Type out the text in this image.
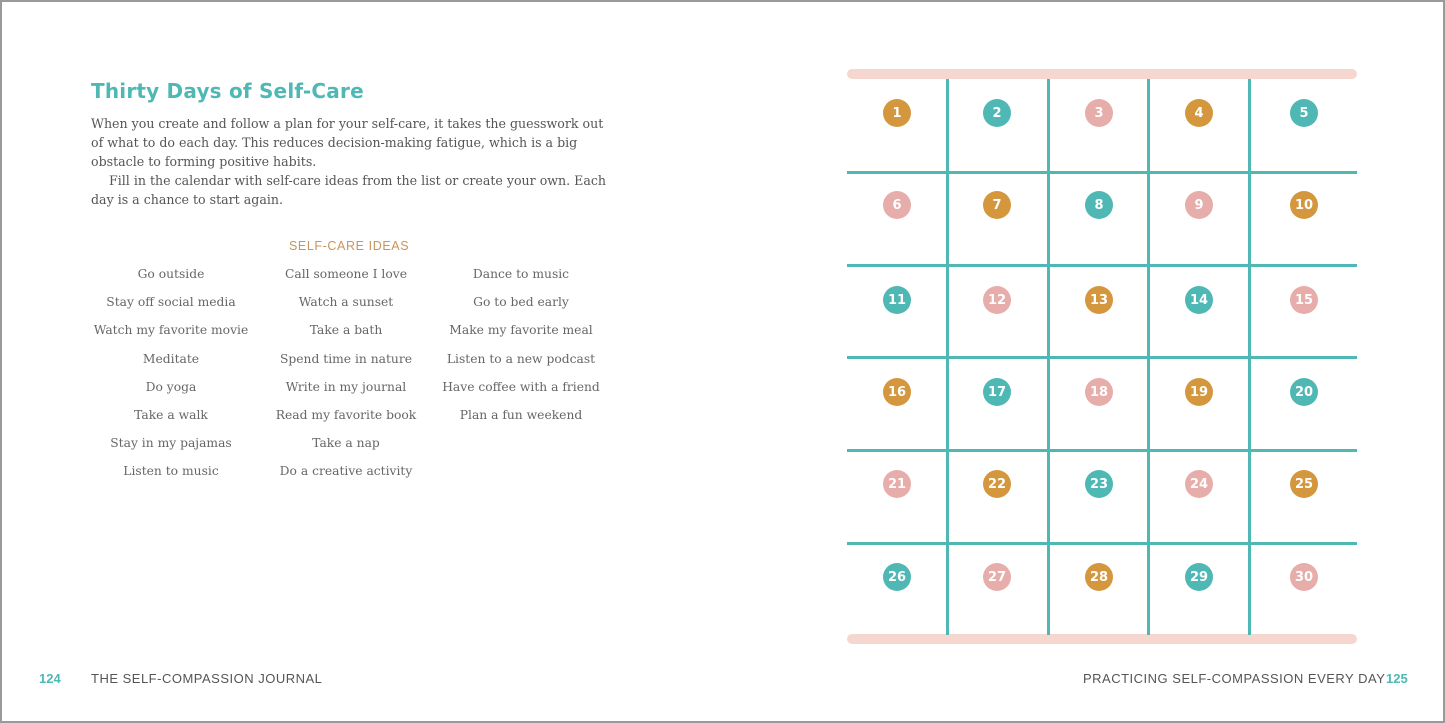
Thirty Days of Self-Care

When you create and follow a plan for your self-care, it takes the guesswork out of what to do each day. This reduces decision-making fatigue, which is a big obstacle to forming positive habits.

Fill in the calendar with self-care ideas from the list or create your own. Each day is a chance to start again.

SELF-CARE IDEAS
Go outside
Stay off social media
Watch my favorite movie
Meditate
Do yoga
Take a walk
Stay in my pajamas
Listen to music
Call someone I love
Watch a sunset
Take a bath
Spend time in nature
Write in my journal
Read my favorite book
Take a nap
Do a creative activity
Dance to music
Go to bed early
Make my favorite meal
Listen to a new podcast
Have coffee with a friend
Plan a fun weekend
124 THE SELF-COMPASSION JOURNAL	PRACTICING SELF-COMPASSION EVERY DAY 125
1	2	3	4	5
6	7	8	9	10
11	12	13	14	15
16	17	18	19	20
21	22	23	24	25
26	27	28	29	30
